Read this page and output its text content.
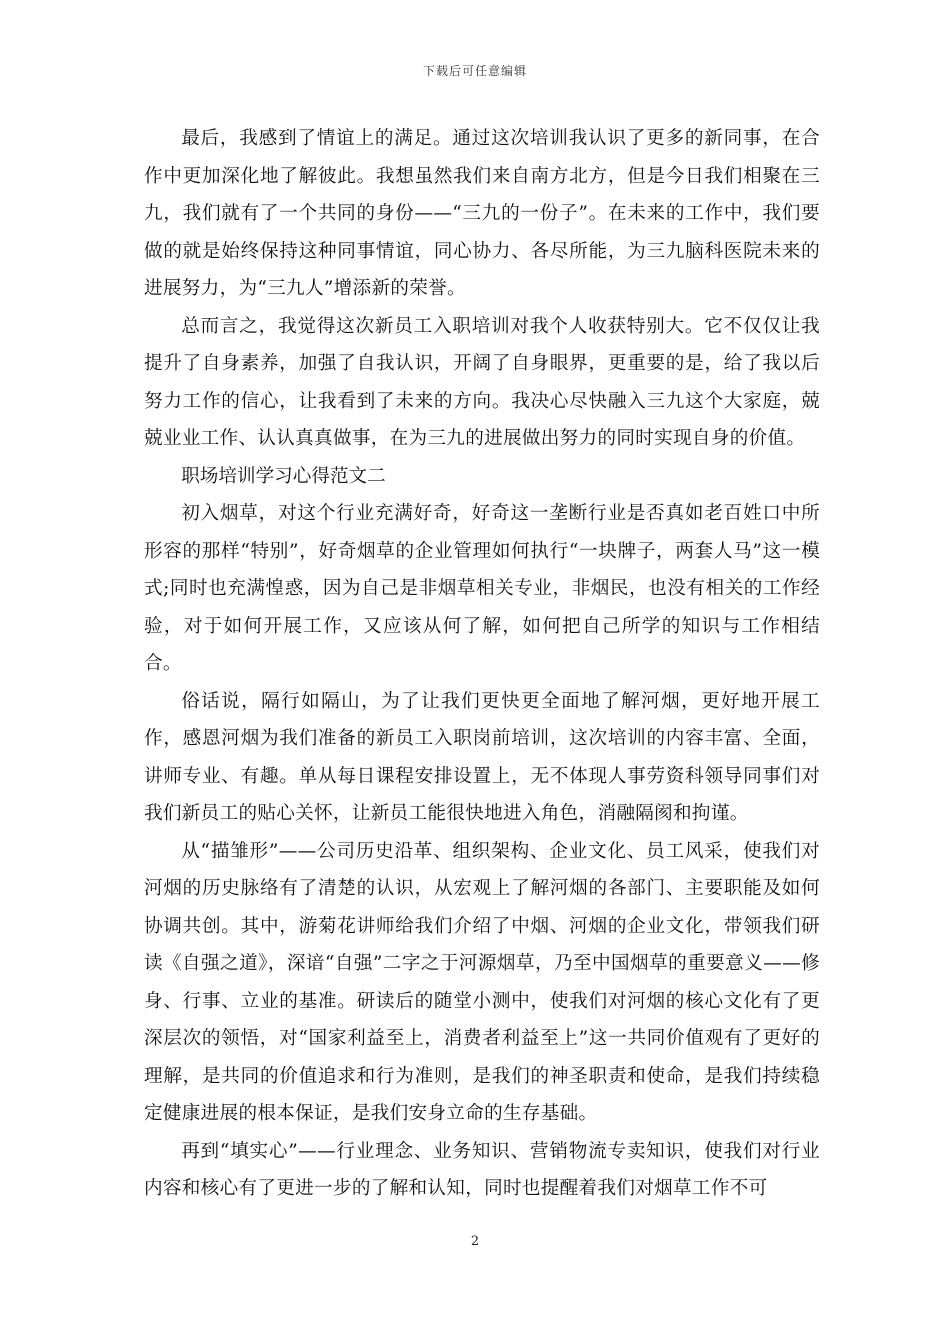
下载后可任意编辑

最后，我感到了情谊上的满足。通过这次培训我认识了更多的新同事，在合作中更加深化地了解彼此。我想虽然我们来自南方北方，但是今日我们相聚在三九，我们就有了一个共同的身份——“三九的一份子”。在未来的工作中，我们要做的就是始终保持这种同事情谊，同心协力、各尽所能，为三九脑科医院未来的进展努力，为“三九人”增添新的荣誉。

总而言之，我觉得这次新员工入职培训对我个人收获特别大。它不仅仅让我提升了自身素养，加强了自我认识，开阔了自身眼界，更重要的是，给了我以后努力工作的信心，让我看到了未来的方向。我决心尽快融入三九这个大家庭，兢兢业业工作、认认真真做事，在为三九的进展做出努力的同时实现自身的价值。

职场培训学习心得范文二

初入烟草，对这个行业充满好奇，好奇这一垄断行业是否真如老百姓口中所形容的那样“特别”，好奇烟草的企业管理如何执行“一块牌子，两套人马”这一模式;同时也充满惶惑，因为自己是非烟草相关专业，非烟民，也没有相关的工作经验，对于如何开展工作，又应该从何了解，如何把自己所学的知识与工作相结合。

俗话说，隔行如隔山，为了让我们更快更全面地了解河烟，更好地开展工作，感恩河烟为我们准备的新员工入职岗前培训，这次培训的内容丰富、全面，讲师专业、有趣。单从每日课程安排设置上，无不体现人事劳资科领导同事们对我们新员工的贴心关怀，让新员工能很快地进入角色，消融隔阂和拘谨。

从“描雏形”——公司历史沿革、组织架构、企业文化、员工风采，使我们对河烟的历史脉络有了清楚的认识，从宏观上了解河烟的各部门、主要职能及如何协调共创。其中，游菊花讲师给我们介绍了中烟、河烟的企业文化，带领我们研读《自强之道》，深谙“自强”二字之于河源烟草，乃至中国烟草的重要意义——修身、行事、立业的基准。研读后的随堂小测中，使我们对河烟的核心文化有了更深层次的领悟，对“国家利益至上，消费者利益至上”这一共同价值观有了更好的理解，是共同的价值追求和行为准则，是我们的神圣职责和使命，是我们持续稳定健康进展的根本保证，是我们安身立命的生存基础。

再到“填实心”——行业理念、业务知识、营销物流专卖知识，使我们对行业内容和核心有了更进一步的了解和认知，同时也提醒着我们对烟草工作不可

2
